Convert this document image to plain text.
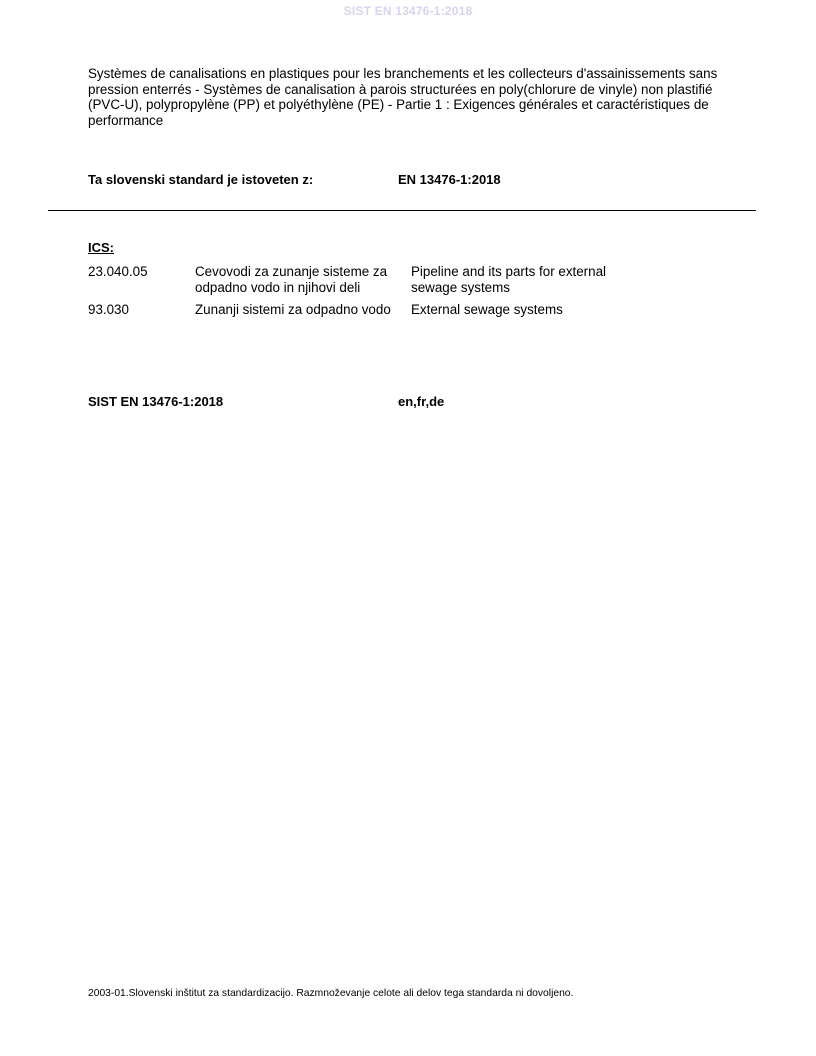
SIST EN 13476-1:2018
Systèmes de canalisations en plastiques pour les branchements et les collecteurs d'assainissements sans pression enterrés - Systèmes de canalisation à parois structurées en poly(chlorure de vinyle) non plastifié (PVC-U), polypropylène (PP) et polyéthylène (PE) - Partie 1 : Exigences générales et caractéristiques de performance
Ta slovenski standard je istoveten z:	EN 13476-1:2018
ICS:
23.040.05	Cevovodi za zunanje sisteme za odpadno vodo in njihovi deli	Pipeline and its parts for external sewage systems
93.030	Zunanji sistemi za odpadno vodo	External sewage systems
SIST EN 13476-1:2018	en,fr,de
2003-01.Slovenski inštitut za standardizacijo. Razmnoževanje celote ali delov tega standarda ni dovoljeno.
